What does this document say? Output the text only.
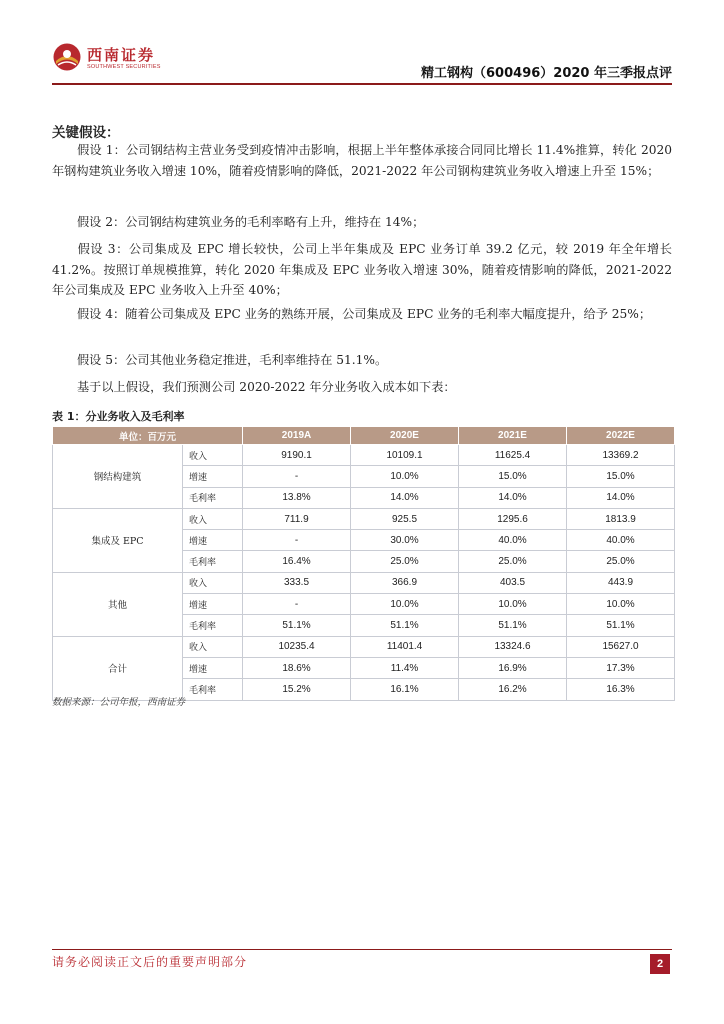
西南证券
SOUTHWEST SECURITIES	精工钢构（600496）2020 年三季报点评
关键假设：

假设 1：公司钢结构主营业务受到疫情冲击影响，根据上半年整体承接合同同比增长 11.4%推算，转化 2020 年钢构建筑业务收入增速 10%，随着疫情影响的降低，2021-2022 年公司钢构建筑业务收入增速上升至 15%；

假设 2：公司钢结构建筑业务的毛利率略有上升，维持在 14%；

假设 3：公司集成及 EPC 增长较快，公司上半年集成及 EPC 业务订单 39.2 亿元，较 2019 年全年增长 41.2%。按照订单规模推算，转化 2020 年集成及 EPC 业务收入增速 30%，随着疫情影响的降低，2021-2022 年公司集成及 EPC 业务收入上升至 40%；

假设 4：随着公司集成及 EPC 业务的熟练开展，公司集成及 EPC 业务的毛利率大幅度提升，给予 25%；

假设 5：公司其他业务稳定推进，毛利率维持在 51.1%。

基于以上假设，我们预测公司 2020-2022 年分业务收入成本如下表：

表 1：分业务收入及毛利率
单位：百万元		2019A	2020E	2021E	2022E
钢结构建筑	收入	9190.1	10109.1	11625.4	13369.2
	增速	-	10.0%	15.0%	15.0%
	毛利率	13.8%	14.0%	14.0%	14.0%
集成及 EPC	收入	711.9	925.5	1295.6	1813.9
	增速	-	30.0%	40.0%	40.0%
	毛利率	16.4%	25.0%	25.0%	25.0%
其他	收入	333.5	366.9	403.5	443.9
	增速	-	10.0%	10.0%	10.0%
	毛利率	51.1%	51.1%	51.1%	51.1%
合计	收入	10235.4	11401.4	13324.6	15627.0
	增速	18.6%	11.4%	16.9%	17.3%
	毛利率	15.2%	16.1%	16.2%	16.3%
数据来源：公司年报，西南证券
请务必阅读正文后的重要声明部分	2
